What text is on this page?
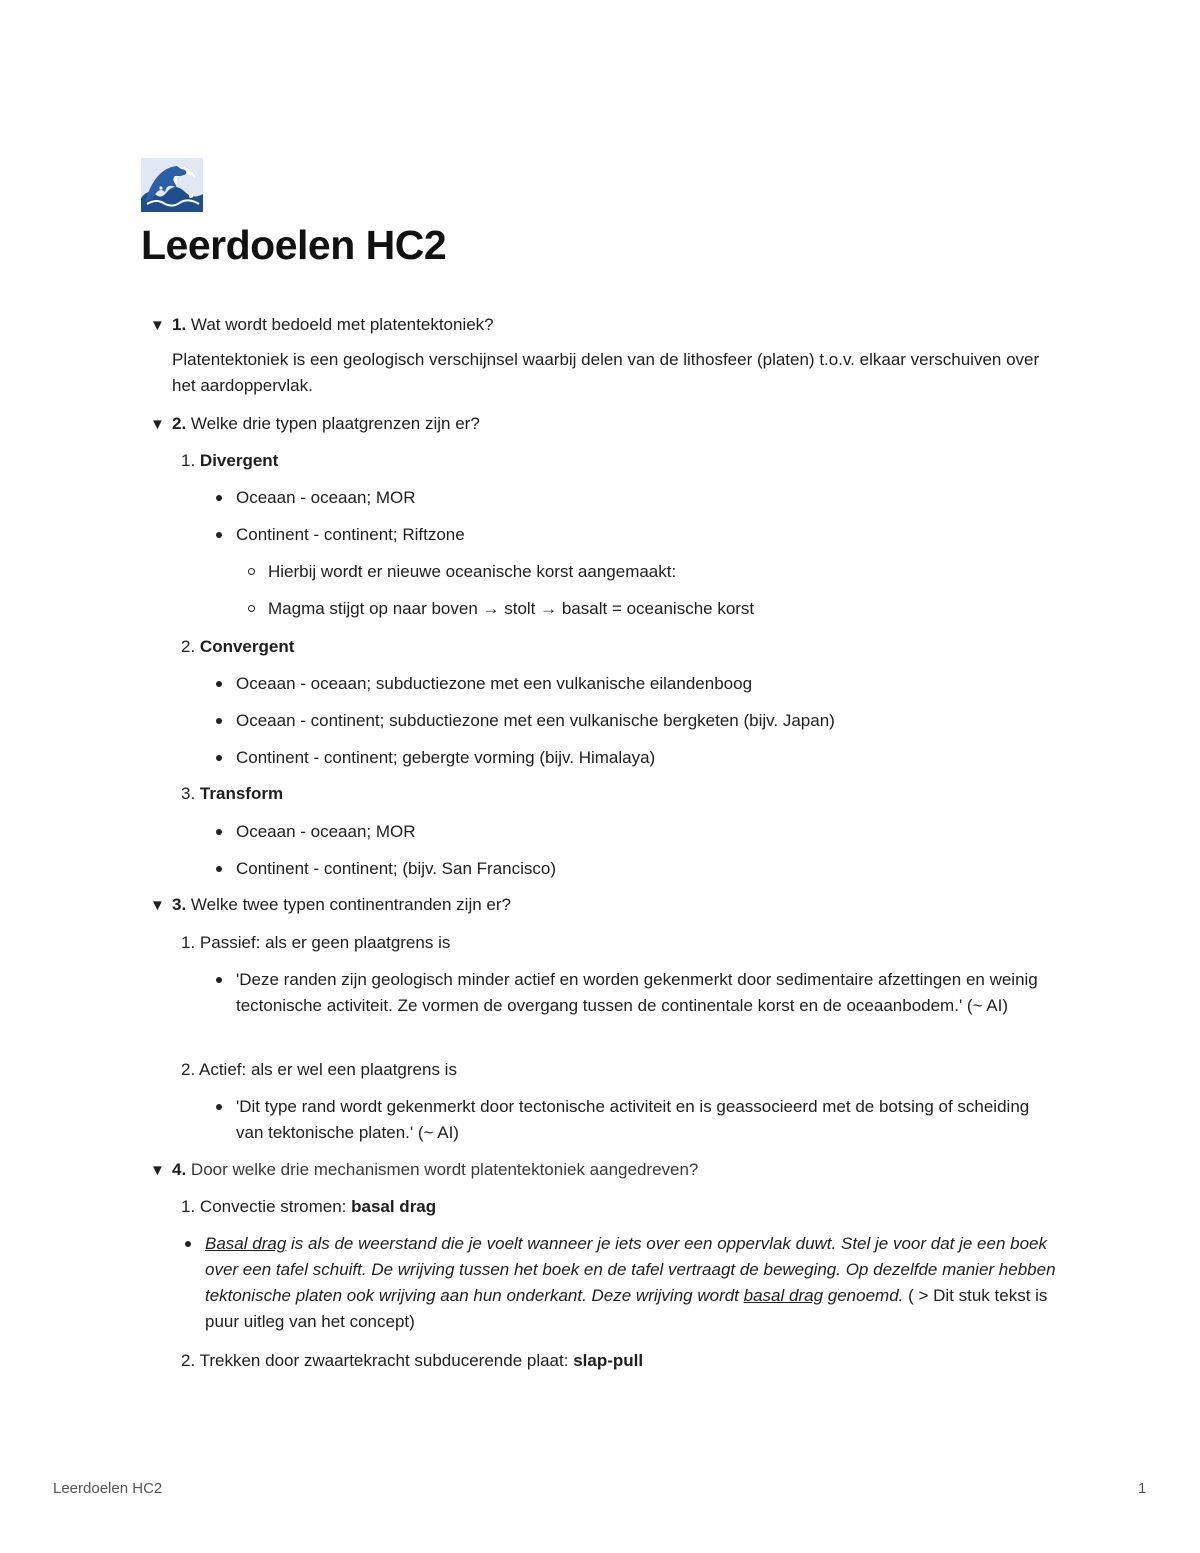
Leerdoelen HC2
▼ 1. Wat wordt bedoeld met platentektoniek?
Platentektoniek is een geologisch verschijnsel waarbij delen van de lithosfeer (platen) t.o.v. elkaar verschuiven over het aardoppervlak.
▼ 2. Welke drie typen plaatgrenzen zijn er?
1. Divergent
Oceaan - oceaan; MOR
Continent - continent; Riftzone
Hierbij wordt er nieuwe oceanische korst aangemaakt:
Magma stijgt op naar boven → stolt → basalt = oceanische korst
2. Convergent
Oceaan - oceaan; subductiezone met een vulkanische eilandenboog
Oceaan - continent; subductiezone met een vulkanische bergketen (bijv. Japan)
Continent - continent; gebergte vorming (bijv. Himalaya)
3. Transform
Oceaan - oceaan; MOR
Continent - continent; (bijv. San Francisco)
▼ 3. Welke twee typen continentranden zijn er?
1. Passief: als er geen plaatgrens is
'Deze randen zijn geologisch minder actief en worden gekenmerkt door sedimentaire afzettingen en weinig tectonische activiteit. Ze vormen de overgang tussen de continentale korst en de oceaanbodem.' (~ AI)
2. Actief: als er wel een plaatgrens is
'Dit type rand wordt gekenmerkt door tectonische activiteit en is geassocieerd met de botsing of scheiding van tektonische platen.' (~ AI)
▼ 4. Door welke drie mechanismen wordt platentektoniek aangedreven?
1. Convectie stromen: basal drag
Basal drag is als de weerstand die je voelt wanneer je iets over een oppervlak duwt. Stel je voor dat je een boek over een tafel schuift. De wrijving tussen het boek en de tafel vertraagt de beweging. Op dezelfde manier hebben tektonische platen ook wrijving aan hun onderkant. Deze wrijving wordt basal drag genoemd. ( > Dit stuk tekst is puur uitleg van het concept)
2. Trekken door zwaartekracht subducerende plaat: slap-pull
Leerdoelen HC2	1
